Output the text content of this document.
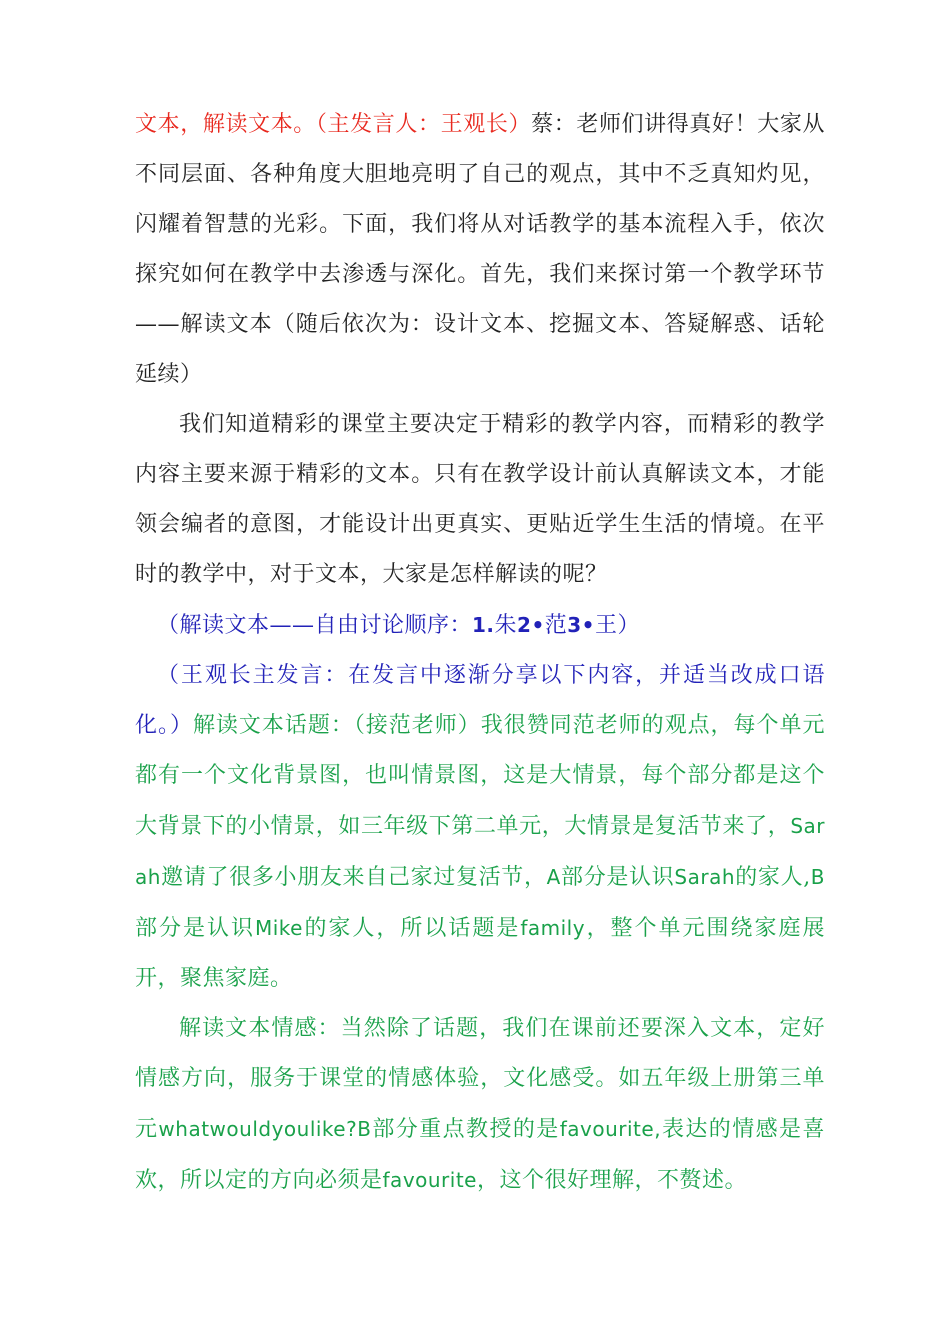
文本，解读文本。（主发言人：王观长）蔡：老师们讲得真好！大家从不同层面、各种角度大胆地亮明了自己的观点，其中不乏真知灼见，闪耀着智慧的光彩。下面，我们将从对话教学的基本流程入手，依次探究如何在教学中去渗透与深化。首先，我们来探讨第一个教学环节——解读文本（随后依次为：设计文本、挖掘文本、答疑解惑、话轮延续）

我们知道精彩的课堂主要决定于精彩的教学内容，而精彩的教学内容主要来源于精彩的文本。只有在教学设计前认真解读文本，才能领会编者的意图，才能设计出更真实、更贴近学生生活的情境。在平时的教学中，对于文本，大家是怎样解读的呢？

（解读文本——自由讨论顺序：1.朱2•范3•王）

（王观长主发言：在发言中逐渐分享以下内容，并适当改成口语化。）解读文本话题：（接范老师）我很赞同范老师的观点，每个单元都有一个文化背景图，也叫情景图，这是大情景，每个部分都是这个大背景下的小情景，如三年级下第二单元，大情景是复活节来了，Sarah邀请了很多小朋友来自己家过复活节，A部分是认识Sarah的家人,B部分是认识Mike的家人，所以话题是family，整个单元围绕家庭展开，聚焦家庭。

解读文本情感：当然除了话题，我们在课前还要深入文本，定好情感方向，服务于课堂的情感体验，文化感受。如五年级上册第三单元whatwouldyoulike?B部分重点教授的是favourite,表达的情感是喜欢，所以定的方向必须是favourite，这个很好理解，不赘述。
